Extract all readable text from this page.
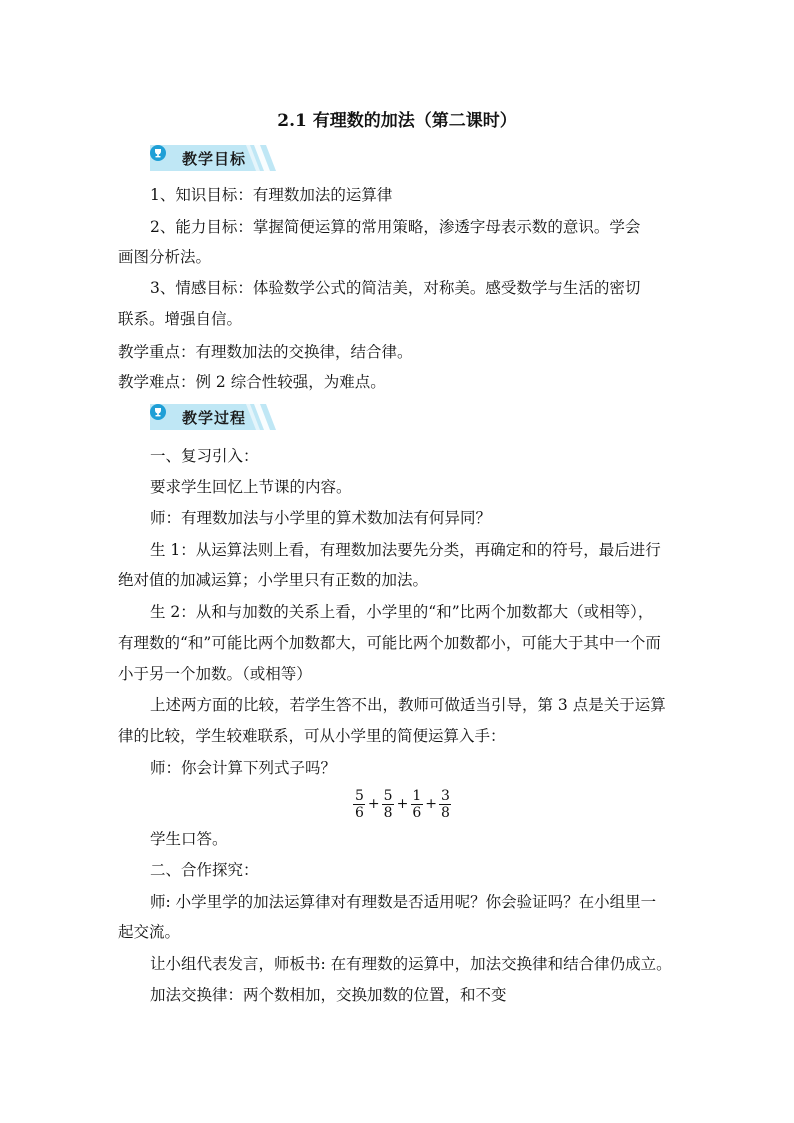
2.1 有理数的加法（第二课时）
教学目标
1、知识目标：有理数加法的运算律
2、能力目标：掌握简便运算的常用策略，渗透字母表示数的意识。学会
画图分析法。
3、情感目标：体验数学公式的简洁美，对称美。感受数学与生活的密切
联系。增强自信。
教学重点：有理数加法的交换律，结合律。
教学难点：例 2 综合性较强，为难点。
教学过程
一、复习引入：
要求学生回忆上节课的内容。
师：有理数加法与小学里的算术数加法有何异同？
生 1：从运算法则上看，有理数加法要先分类，再确定和的符号，最后进行
绝对值的加减运算；小学里只有正数的加法。
生 2：从和与加数的关系上看，小学里的“和”比两个加数都大（或相等），
有理数的“和”可能比两个加数都大，可能比两个加数都小，可能大于其中一个而
小于另一个加数。（或相等）
上述两方面的比较，若学生答不出，教师可做适当引导，第 3 点是关于运算
律的比较，学生较难联系，可从小学里的简便运算入手：
师：你会计算下列式子吗？
$\frac{5}{6} + \frac{5}{8} + \frac{1}{6} + \frac{3}{8}$
学生口答。
二、合作探究：
师: 小学里学的加法运算律对有理数是否适用呢？你会验证吗？在小组里一
起交流。
让小组代表发言，师板书: 在有理数的运算中，加法交换律和结合律仍成立。
加法交换律：两个数相加，交换加数的位置，和不变
